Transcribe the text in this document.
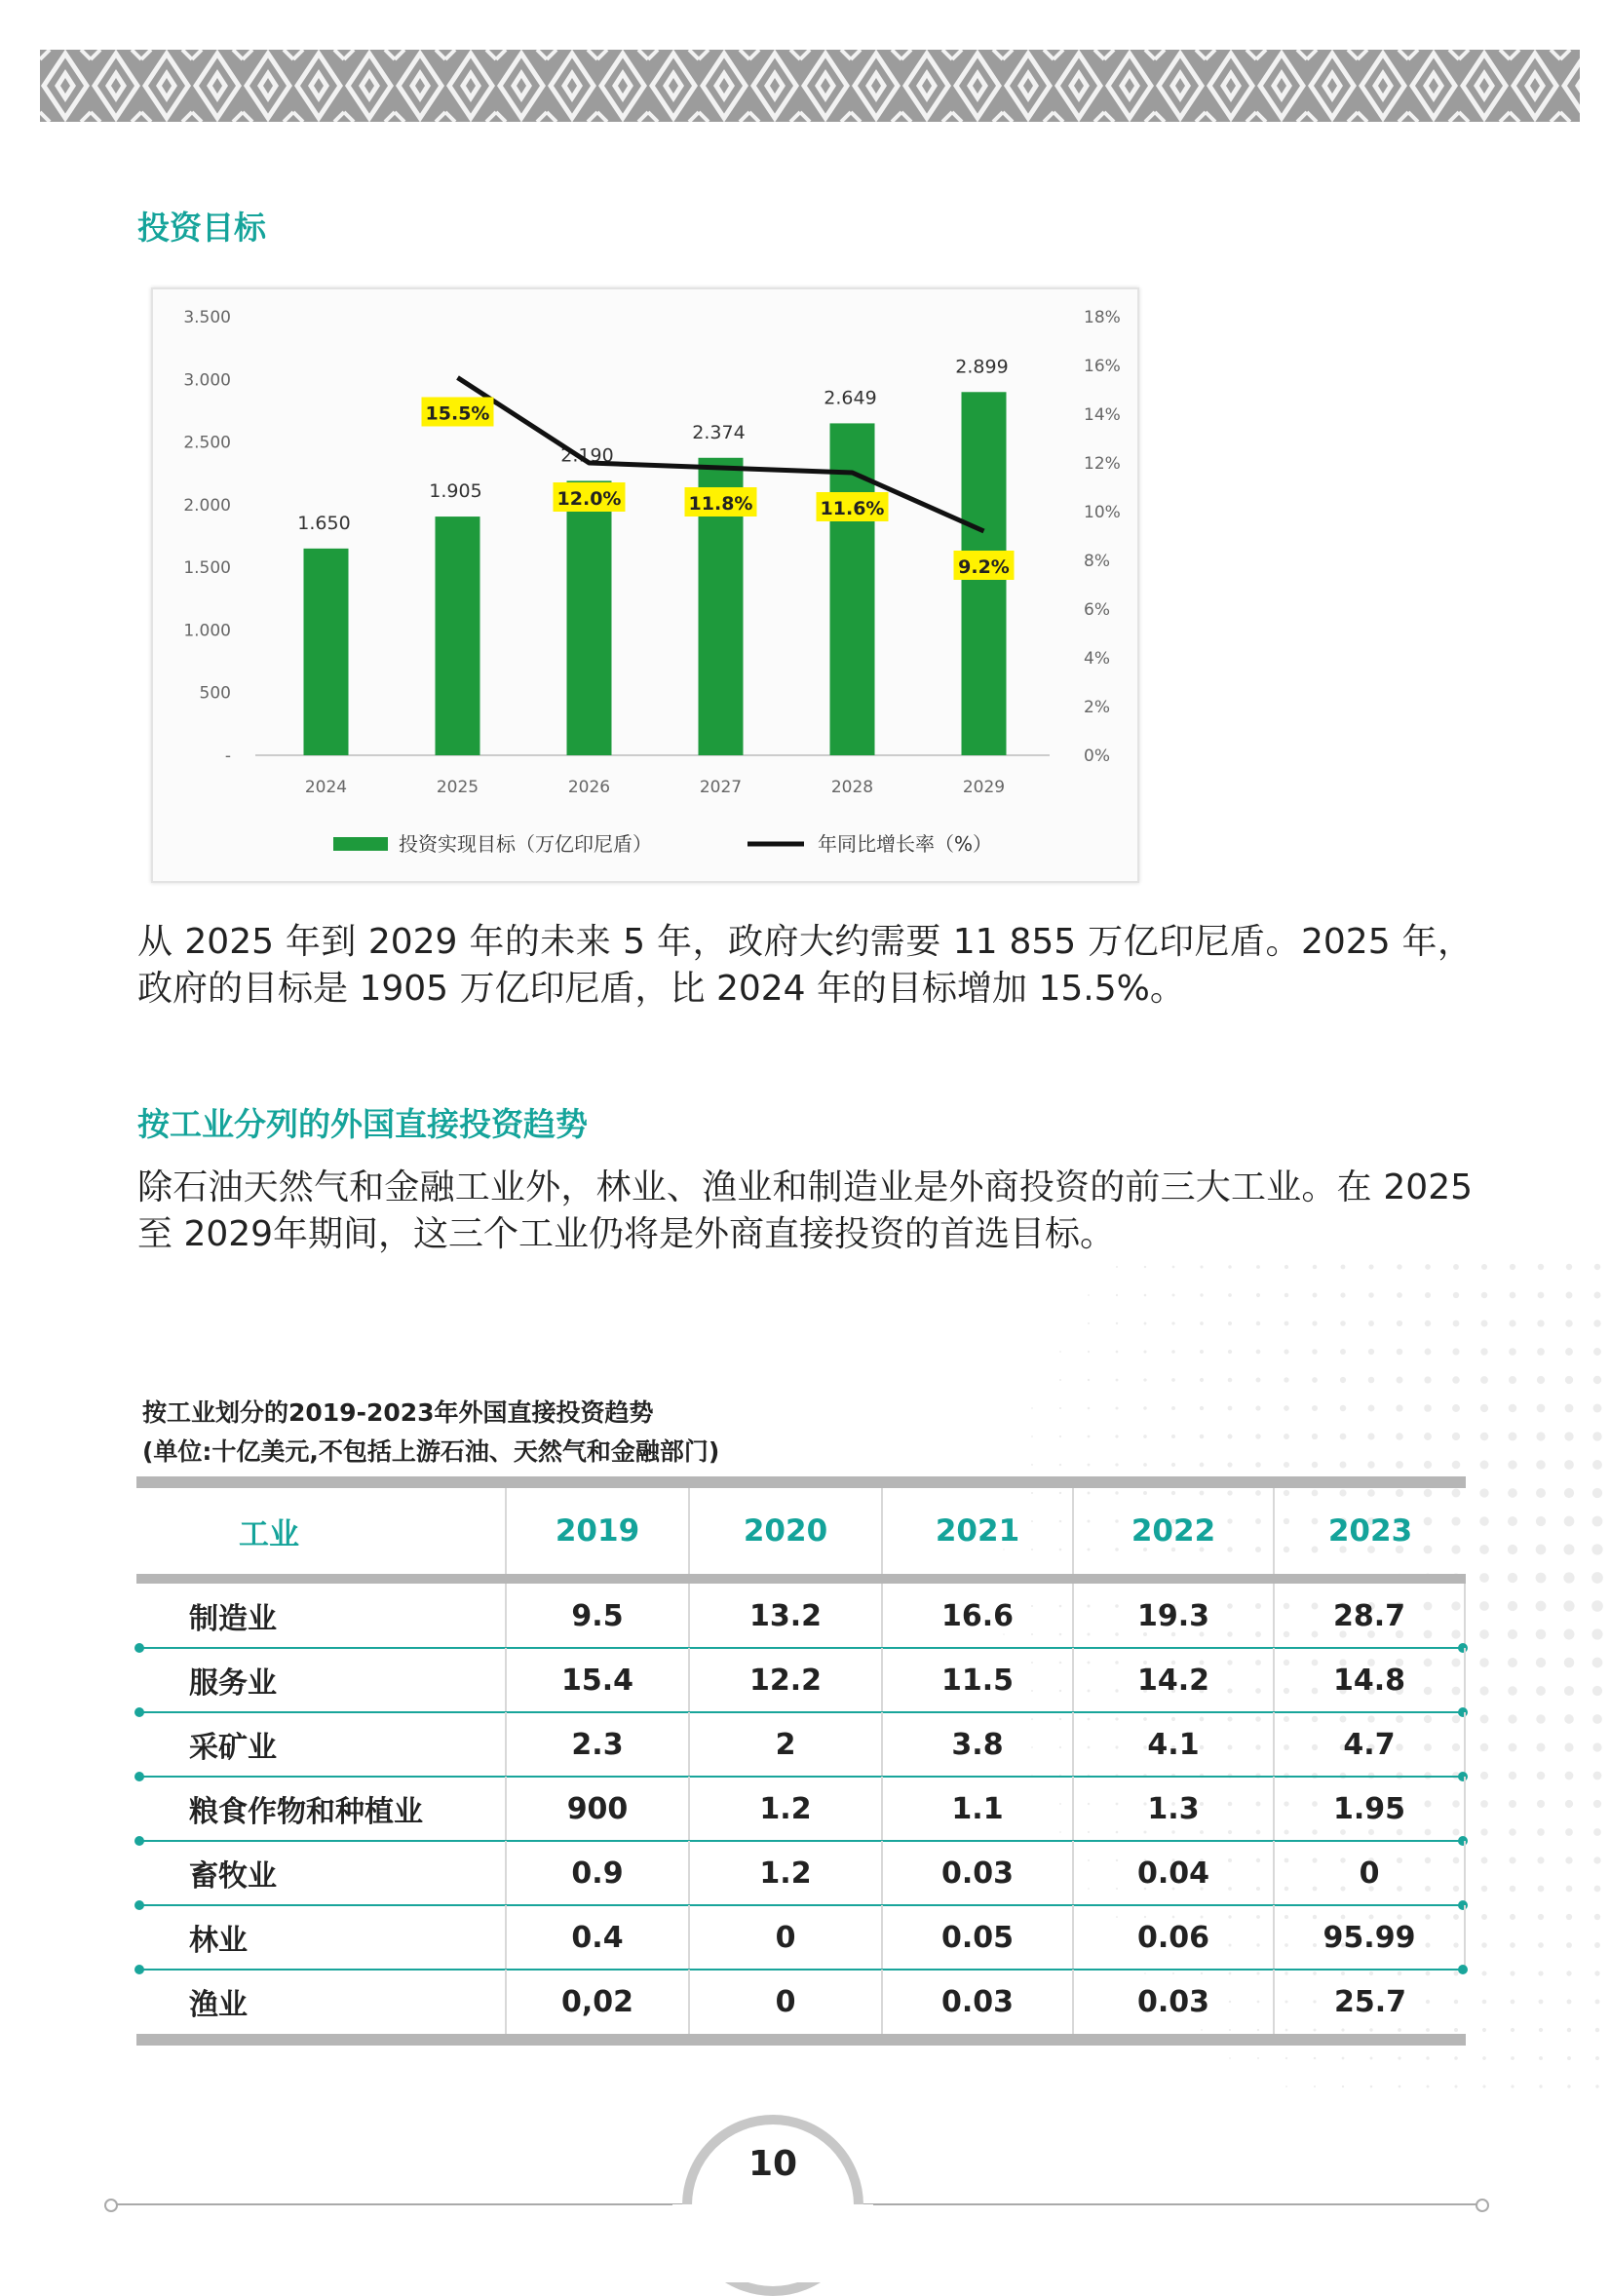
投资目标
-
500
1.000
1.500
2.000
2.500
3.000
3.500
0%
2%
4%
6%
8%
10%
12%
14%
16%
18%
2024	2025	2026	2027	2028	2029
1.650
1.905
2.190
2.374
2.649
2.899
15.5%
12.0%	11.8%	11.6%
9.2%
投资实现目标（万亿印尼盾）	年同比增长率（%）
从 2025 年到 2029 年的未来 5 年，政府大约需要 11 855 万亿印尼盾。2025 年，政府的目标是 1905 万亿印尼盾，比 2024 年的目标增加 15.5%。
按工业分列的外国直接投资趋势
除石油天然气和金融工业外，林业、渔业和制造业是外商投资的前三大工业。在 2025 至 2029年期间，这三个工业仍将是外商直接投资的首选目标。
按工业划分的2019-2023年外国直接投资趋势
(单位:十亿美元,不包括上游石油、天然气和金融部门)
工业	2019	2020	2021	2022	2023
制造业	9.5	13.2	16.6	19.3	28.7
服务业	15.4	12.2	11.5	14.2	14.8
采矿业	2.3	2	3.8	4.1	4.7
粮食作物和种植业	900	1.2	1.1	1.3	1.95
畜牧业	0.9	1.2	0.03	0.04	0
林业	0.4	0	0.05	0.06	95.99
渔业	0,02	0	0.03	0.03	25.7
10
